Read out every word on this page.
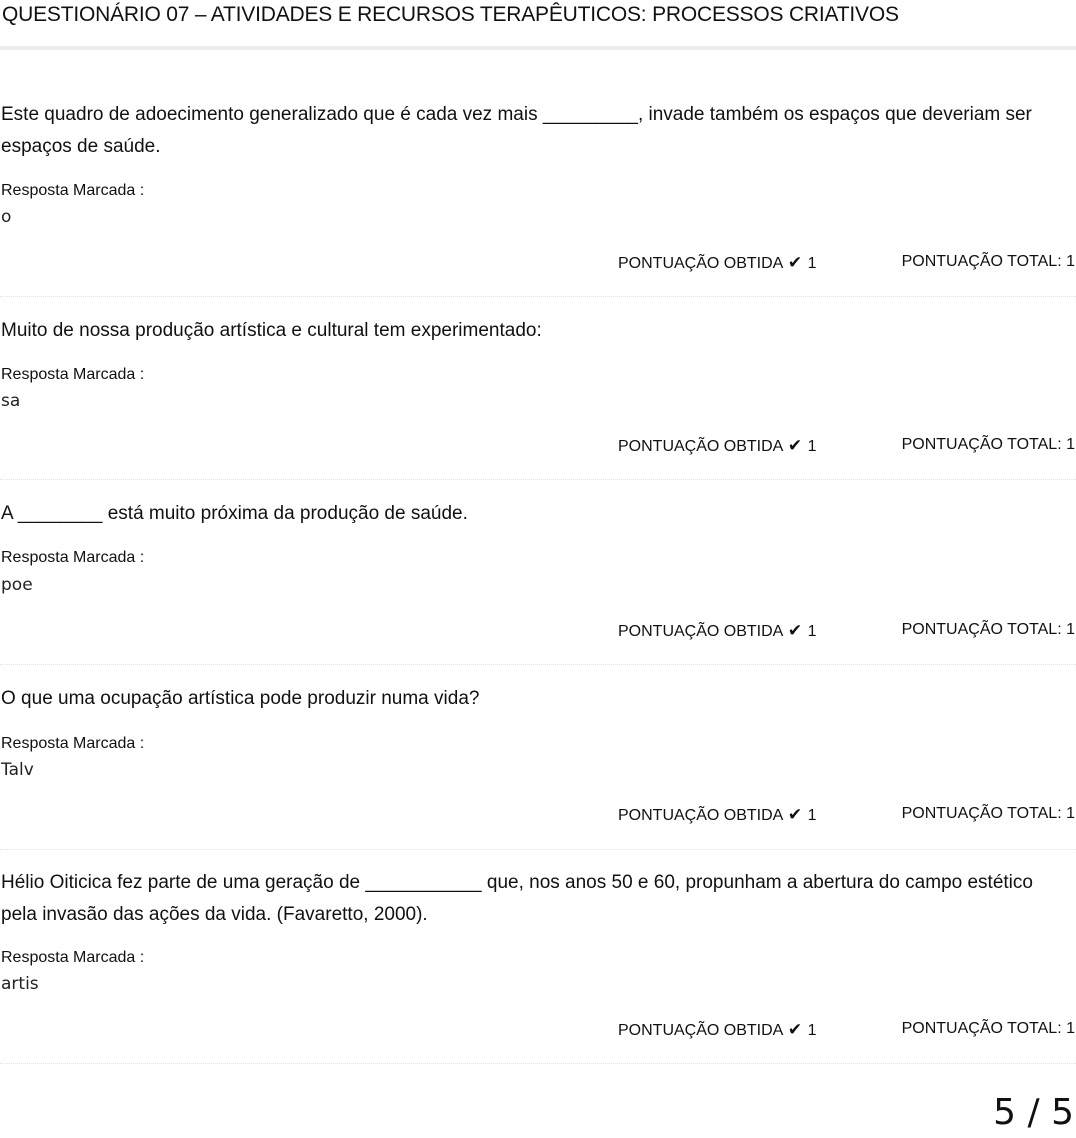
QUESTIONÁRIO 07 – ATIVIDADES E RECURSOS TERAPÊUTICOS: PROCESSOS CRIATIVOS
Este quadro de adoecimento generalizado que é cada vez mais _________, invade também os espaços que deveriam ser espaços de saúde.
Resposta Marcada :
o
PONTUAÇÃO OBTIDA ✔ 1	PONTUAÇÃO TOTAL: 1
Muito de nossa produção artística e cultural tem experimentado:
Resposta Marcada :
sa
PONTUAÇÃO OBTIDA ✔ 1	PONTUAÇÃO TOTAL: 1
A ________ está muito próxima da produção de saúde.
Resposta Marcada :
poe
PONTUAÇÃO OBTIDA ✔ 1	PONTUAÇÃO TOTAL: 1
O que uma ocupação artística pode produzir numa vida?
Resposta Marcada :
Talv
PONTUAÇÃO OBTIDA ✔ 1	PONTUAÇÃO TOTAL: 1
Hélio Oiticica fez parte de uma geração de ___________ que, nos anos 50 e 60, propunham a abertura do campo estético pela invasão das ações da vida. (Favaretto, 2000).
Resposta Marcada :
artis
PONTUAÇÃO OBTIDA ✔ 1	PONTUAÇÃO TOTAL: 1
5 / 5
